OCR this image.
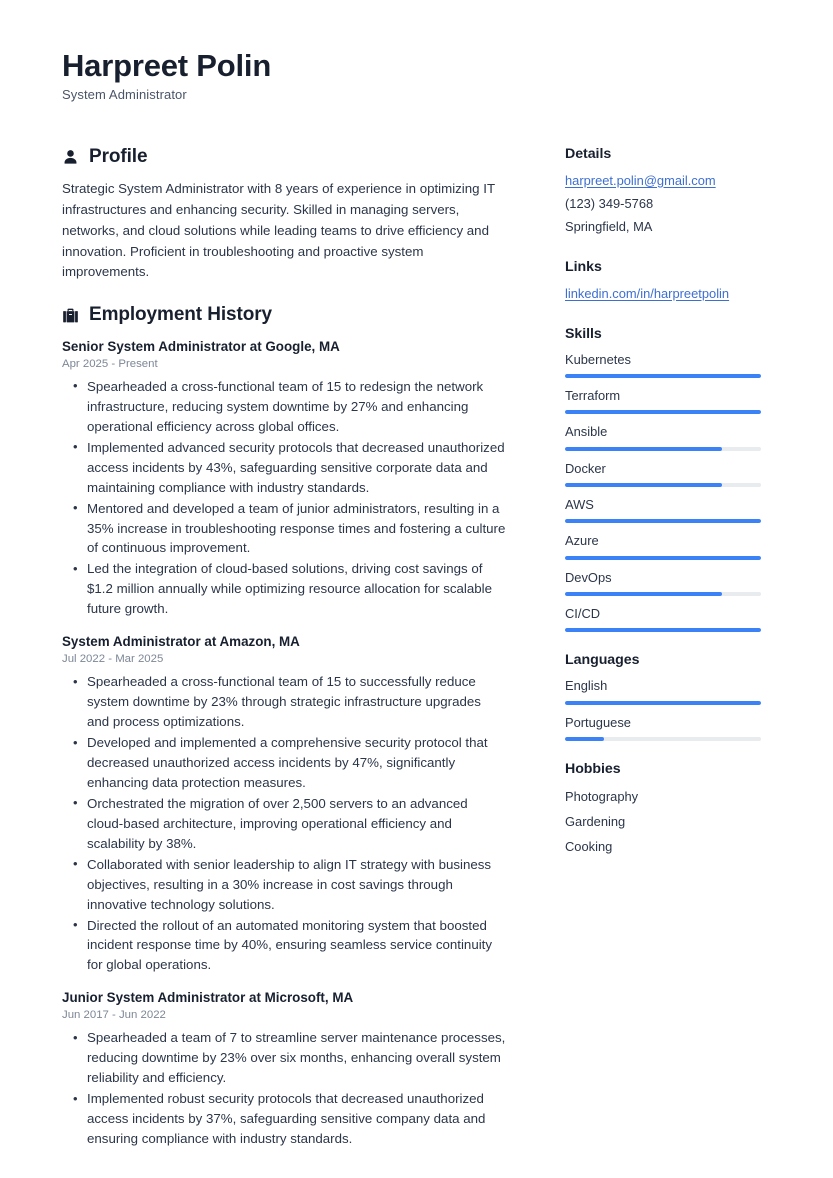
Harpreet Polin
System Administrator
Profile

Strategic System Administrator with 8 years of experience in optimizing IT infrastructures and enhancing security. Skilled in managing servers, networks, and cloud solutions while leading teams to drive efficiency and innovation. Proficient in troubleshooting and proactive system improvements.

Employment History
Senior System Administrator at Google, MA
Apr 2025 - Present
• Spearheaded a cross-functional team of 15 to redesign the network infrastructure, reducing system downtime by 27% and enhancing operational efficiency across global offices.
• Implemented advanced security protocols that decreased unauthorized access incidents by 43%, safeguarding sensitive corporate data and maintaining compliance with industry standards.
• Mentored and developed a team of junior administrators, resulting in a 35% increase in troubleshooting response times and fostering a culture of continuous improvement.
• Led the integration of cloud-based solutions, driving cost savings of $1.2 million annually while optimizing resource allocation for scalable future growth.
System Administrator at Amazon, MA
Jul 2022 - Mar 2025
• Spearheaded a cross-functional team of 15 to successfully reduce system downtime by 23% through strategic infrastructure upgrades and process optimizations.
• Developed and implemented a comprehensive security protocol that decreased unauthorized access incidents by 47%, significantly enhancing data protection measures.
• Orchestrated the migration of over 2,500 servers to an advanced cloud-based architecture, improving operational efficiency and scalability by 38%.
• Collaborated with senior leadership to align IT strategy with business objectives, resulting in a 30% increase in cost savings through innovative technology solutions.
• Directed the rollout of an automated monitoring system that boosted incident response time by 40%, ensuring seamless service continuity for global operations.
Junior System Administrator at Microsoft, MA
Jun 2017 - Jun 2022
• Spearheaded a team of 7 to streamline server maintenance processes, reducing downtime by 23% over six months, enhancing overall system reliability and efficiency.
• Implemented robust security protocols that decreased unauthorized access incidents by 37%, safeguarding sensitive company data and ensuring compliance with industry standards.
Details
harpreet.polin@gmail.com
(123) 349-5768
Springfield, MA
Links
linkedin.com/in/harpreetpolin
Skills
Kubernetes
Terraform
Ansible
Docker
AWS
Azure
DevOps
CI/CD
Languages
English
Portuguese
Hobbies
Photography
Gardening
Cooking
